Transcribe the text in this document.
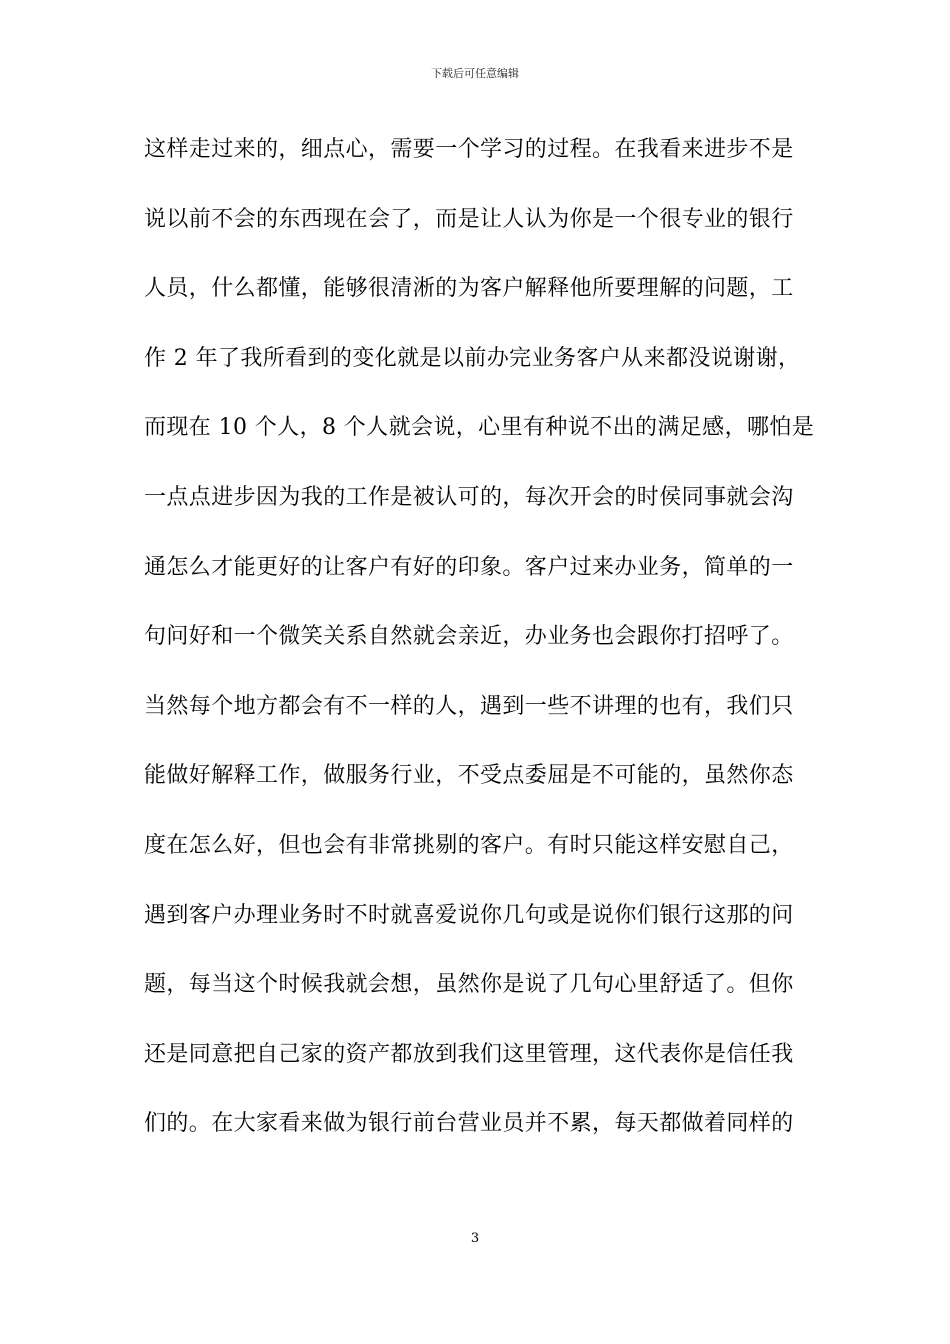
下载后可任意编辑
这样走过来的，细点心，需要一个学习的过程。在我看来进步不是
说以前不会的东西现在会了，而是让人认为你是一个很专业的银行
人员，什么都懂，能够很清淅的为客户解释他所要理解的问题，工
作 2 年了我所看到的变化就是以前办完业务客户从来都没说谢谢，
而现在 10 个人，8 个人就会说，心里有种说不出的满足感，哪怕是
一点点进步因为我的工作是被认可的，每次开会的时侯同事就会沟
通怎么才能更好的让客户有好的印象。客户过来办业务，简单的一
句问好和一个微笑关系自然就会亲近，办业务也会跟你打招呼了。
当然每个地方都会有不一样的人，遇到一些不讲理的也有，我们只
能做好解释工作，做服务行业，不受点委屈是不可能的，虽然你态
度在怎么好，但也会有非常挑剔的客户。有时只能这样安慰自己，
遇到客户办理业务时不时就喜爱说你几句或是说你们银行这那的问
题，每当这个时候我就会想，虽然你是说了几句心里舒适了。但你
还是同意把自己家的资产都放到我们这里管理，这代表你是信任我
们的。在大家看来做为银行前台营业员并不累，每天都做着同样的
3
